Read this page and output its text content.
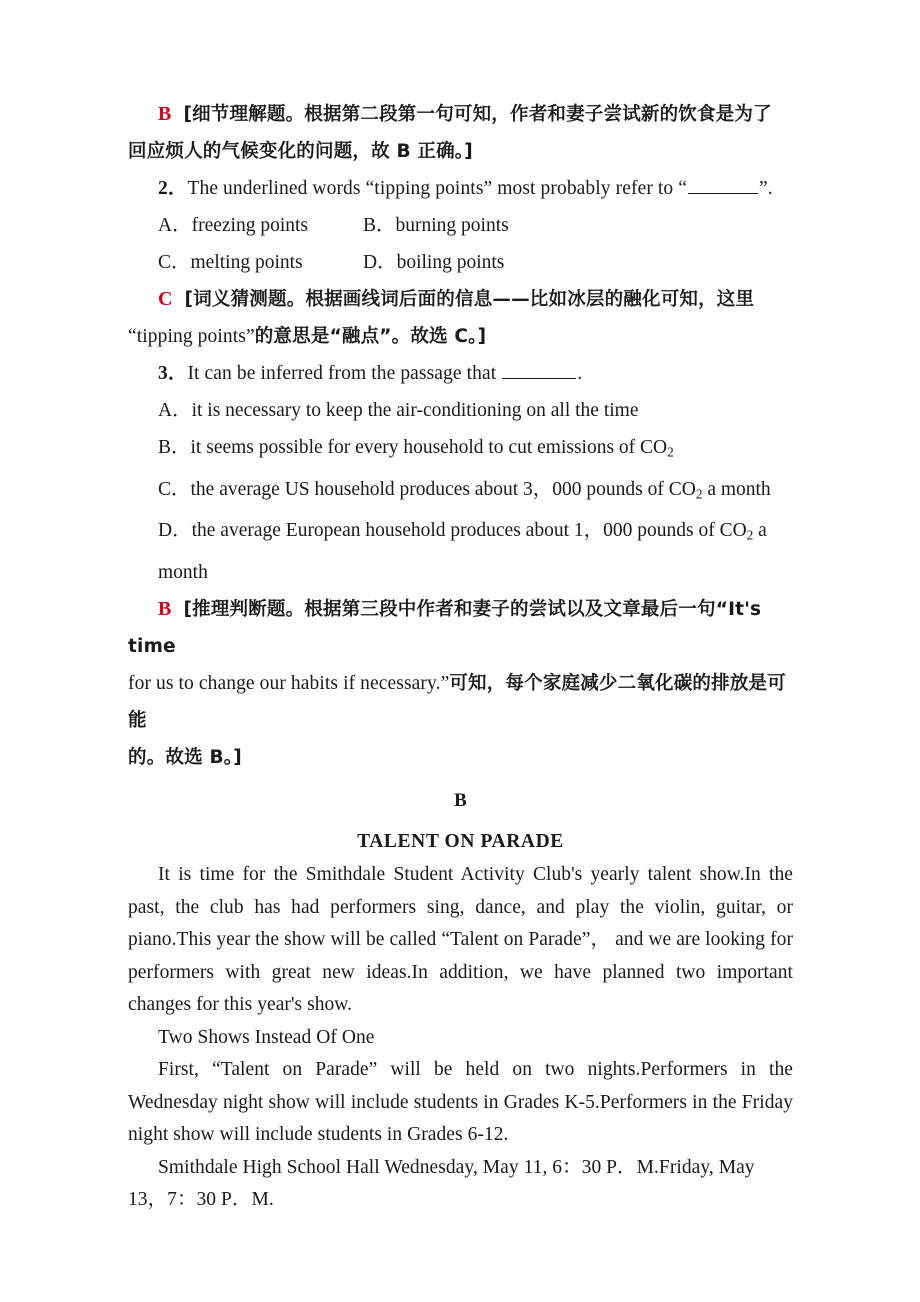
B [细节理解题。根据第二段第一句可知，作者和妻子尝试新的饮食是为了
回应烦人的气候变化的问题，故 B 正确。]
2．The underlined words “tipping points” most probably refer to “	”.
A．freezing points	B．burning points
C．melting points	D．boiling points
C [词义猜测题。根据画线词后面的信息——比如冰层的融化可知，这里
“tipping points”的意思是“融点”。故选 C。]
3．It can be inferred from the passage that	.
A．it is necessary to keep the air-conditioning on all the time
B．it seems possible for every household to cut emissions of $CO_2$
C．the average US household produces about 3，000 pounds of $CO_2$ a month
D．the average European household produces about 1，000 pounds of $CO_2$ a month
B [推理判断题。根据第三段中作者和妻子的尝试以及文章最后一句“It's time
for us to change our habits if necessary.”可知，每个家庭减少二氧化碳的排放是可能
的。故选 B。]
B
TALENT ON PARADE
It is time for the Smithdale Student Activity Club's yearly talent show.In the past, the club has had performers sing, dance, and play the violin, guitar, or piano.This year the show will be called “Talent on Parade”， and we are looking for performers with great new ideas.In addition, we have planned two important changes for this year's show.
Two Shows Instead Of One
First, “Talent on Parade” will be held on two nights.Performers in the Wednesday night show will include students in Grades K-5.Performers in the Friday night show will include students in Grades 6-12.
Smithdale High School Hall Wednesday, May 11, 6：30 P．M.Friday, May 13，7：30 P．M.
